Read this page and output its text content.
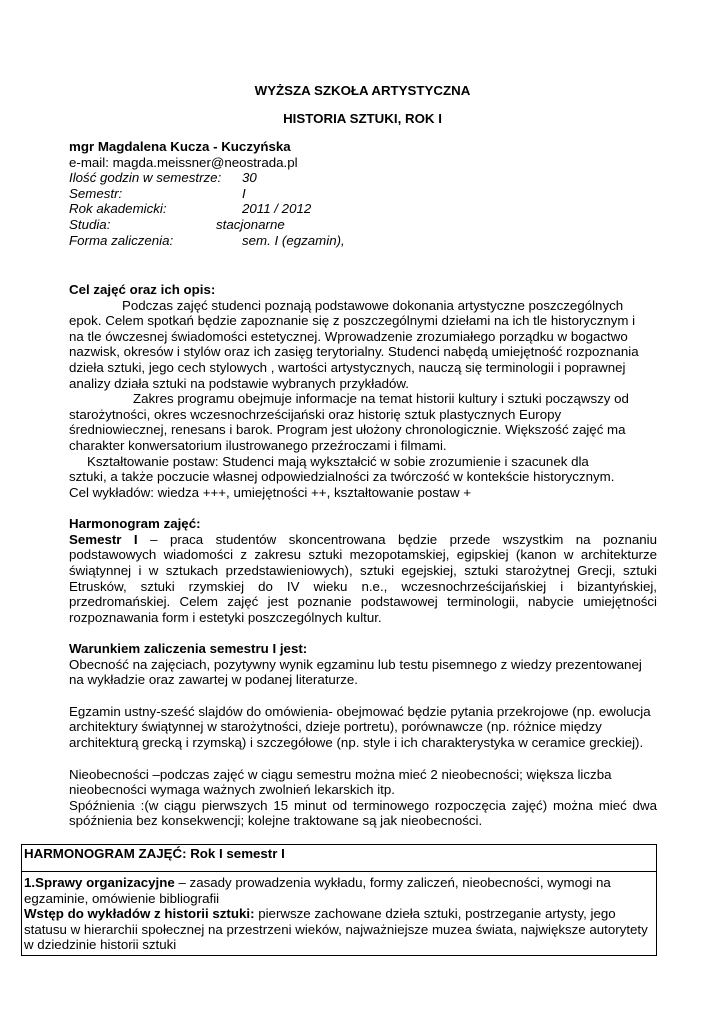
WYŻSZA SZKOŁA ARTYSTYCZNA
HISTORIA SZTUKI, ROK I
mgr Magdalena Kucza - Kuczyńska
e-mail: magda.meissner@neostrada.pl
Ilość godzin w semestrze: 30
Semestr:	I
Rok akademicki:	2011 / 2012
Studia:	stacjonarne
Forma zaliczenia:	sem. I (egzamin),
Cel zajęć oraz ich opis:
Podczas zajęć studenci poznają podstawowe dokonania artystyczne poszczególnych
epok. Celem spotkań będzie zapoznanie się z poszczególnymi dziełami na ich tle historycznym i
na tle ówczesnej świadomości estetycznej. Wprowadzenie zrozumiałego porządku w bogactwo
nazwisk, okresów i stylów oraz ich zasięg terytorialny. Studenci nabędą umiejętność rozpoznania
dzieła sztuki, jego cech stylowych , wartości artystycznych, nauczą się terminologii i poprawnej
analizy działa sztuki na podstawie wybranych przykładów.
Zakres programu obejmuje informacje na temat historii kultury i sztuki począwszy od
starożytności, okres wczesnochrześcijański oraz historię sztuk plastycznych Europy
średniowiecznej, renesans i barok. Program jest ułożony chronologicznie. Większość zajęć ma
charakter konwersatorium ilustrowanego przeźroczami i filmami.
Kształtowanie postaw: Studenci mają wykształcić w sobie zrozumienie i szacunek dla
sztuki, a także poczucie własnej odpowiedzialności za twórczość w kontekście historycznym.
Cel wykładów: wiedza +++, umiejętności ++, kształtowanie postaw +
Harmonogram zajęć:

Semestr I – praca studentów skoncentrowana będzie przede wszystkim na poznaniu podstawowych wiadomości z zakresu sztuki mezopotamskiej, egipskiej (kanon w architekturze świątynnej i w sztukach przedstawieniowych), sztuki egejskiej, sztuki starożytnej Grecji, sztuki Etrusków, sztuki rzymskiej do IV wieku n.e., wczesnochrześcijańskiej i bizantyńskiej, przedromańskiej. Celem zajęć jest poznanie podstawowej terminologii, nabycie umiejętności rozpoznawania form i estetyki poszczególnych kultur.

Warunkiem zaliczenia semestru I jest:
Obecność na zajęciach, pozytywny wynik egzaminu lub testu pisemnego z wiedzy prezentowanej
na wykładzie oraz zawartej w podanej literaturze.
Egzamin ustny-sześć slajdów do omówienia- obejmować będzie pytania przekrojowe (np. ewolucja
architektury świątynnej w starożytności, dzieje portretu), porównawcze (np. różnice między
architekturą grecką i rzymską) i szczegółowe (np. style i ich charakterystyka w ceramice greckiej).
Nieobecności –podczas zajęć w ciągu semestru można mieć 2 nieobecności; większa liczba
nieobecności wymaga ważnych zwolnień lekarskich itp.

Spóźnienia :(w ciągu pierwszych 15 minut od terminowego rozpoczęcia zajęć) można mieć dwa spóźnienia bez konsekwencji; kolejne traktowane są jak nieobecności.

HARMONOGRAM ZAJĘĆ: Rok I semestr I
1.Sprawy organizacyjne – zasady prowadzenia wykładu, formy zaliczeń, nieobecności, wymogi na
egzaminie, omówienie bibliografii
Wstęp do wykładów z historii sztuki: pierwsze zachowane dzieła sztuki, postrzeganie artysty, jego
statusu w hierarchii społecznej na przestrzeni wieków, najważniejsze muzea świata, największe autorytety
w dziedzinie historii sztuki
